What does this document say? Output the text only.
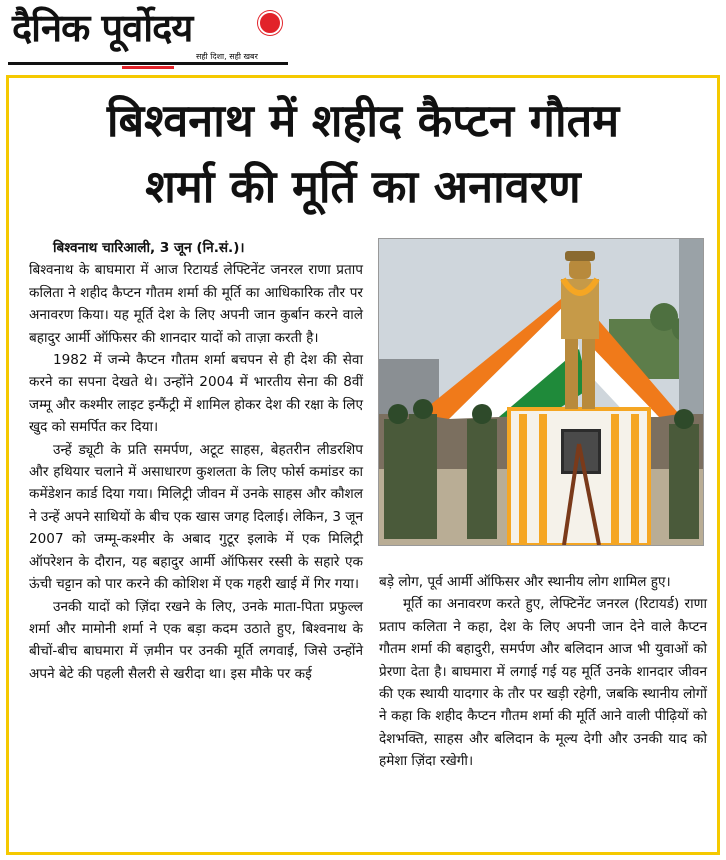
दैनिक पूर्वोदय
सही दिशा, सही खबर
बिश्वनाथ में शहीद कैप्टन गौतम
शर्मा की मूर्ति का अनावरण

बिश्वनाथ चारिआली, 3 जून (नि.सं.)।

बिश्वनाथ के बाघमारा में आज रिटायर्ड लेफ्टिनेंट जनरल राणा प्रताप कलिता ने शहीद कैप्टन गौतम शर्मा की मूर्ति का आधिकारिक तौर पर अनावरण किया। यह मूर्ति देश के लिए अपनी जान कुर्बान करने वाले बहादुर आर्मी ऑफिसर की शानदार यादों को ताज़ा करती है।

1982 में जन्मे कैप्टन गौतम शर्मा बचपन से ही देश की सेवा करने का सपना देखते थे। उन्होंने 2004 में भारतीय सेना की 8वीं जम्मू और कश्मीर लाइट इन्फैंट्री में शामिल होकर देश की रक्षा के लिए खुद को समर्पित कर दिया।

उन्हें ड्यूटी के प्रति समर्पण, अटूट साहस, बेहतरीन लीडरशिप और हथियार चलाने में असाधारण कुशलता के लिए फोर्स कमांडर का कमेंडेशन कार्ड दिया गया। मिलिट्री जीवन में उनके साहस और कौशल ने उन्हें अपने साथियों के बीच एक खास जगह दिलाई। लेकिन, 3 जून 2007 को जम्मू-कश्मीर के अबाद गुटूर इलाके में एक मिलिट्री ऑपरेशन के दौरान, यह बहादुर आर्मी ऑफिसर रस्सी के सहारे एक ऊंची चट्टान को पार करने की कोशिश में एक गहरी खाई में गिर गया।

उनकी यादों को ज़िंदा रखने के लिए, उनके माता-पिता प्रफुल्ल शर्मा और मामोनी शर्मा ने एक बड़ा कदम उठाते हुए, बिश्वनाथ के बीचों-बीच बाघमारा में ज़मीन पर उनकी मूर्ति लगवाई, जिसे उन्होंने अपने बेटे की पहली सैलरी से खरीदा था। इस मौके पर कई

बड़े लोग, पूर्व आर्मी ऑफिसर और स्थानीय लोग शामिल हुए।

मूर्ति का अनावरण करते हुए, लेफ्टिनेंट जनरल (रिटायर्ड) राणा प्रताप कलिता ने कहा, देश के लिए अपनी जान देने वाले कैप्टन गौतम शर्मा की बहादुरी, समर्पण और बलिदान आज भी युवाओं को प्रेरणा देता है। बाघमारा में लगाई गई यह मूर्ति उनके शानदार जीवन की एक स्थायी यादगार के तौर पर खड़ी रहेगी, जबकि स्थानीय लोगों ने कहा कि शहीद कैप्टन गौतम शर्मा की मूर्ति आने वाली पीढ़ियों को देशभक्ति, साहस और बलिदान के मूल्य देगी और उनकी याद को हमेशा ज़िंदा रखेगी।
